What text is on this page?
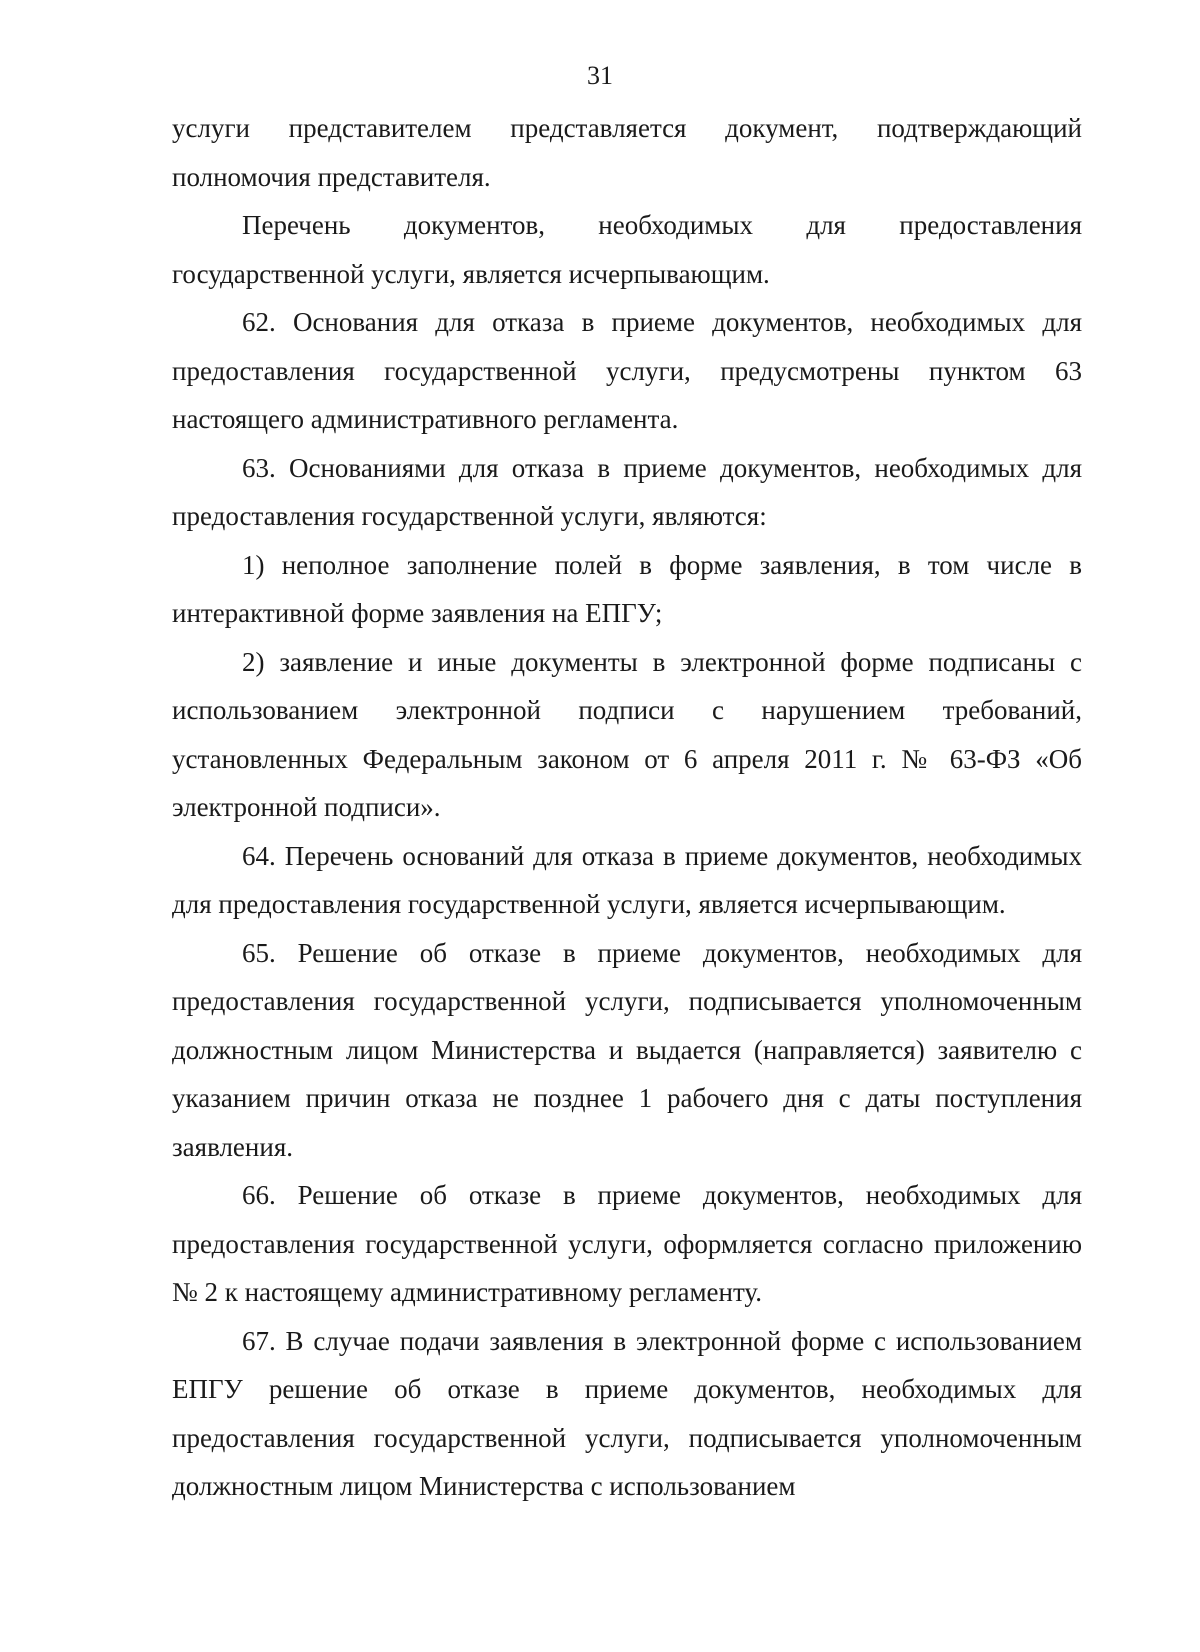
31

услуги представителем представляется документ, подтверждающий полномочия представителя.

Перечень документов, необходимых для предоставления государственной услуги, является исчерпывающим.

62. Основания для отказа в приеме документов, необходимых для предоставления государственной услуги, предусмотрены пунктом 63 настоящего административного регламента.

63. Основаниями для отказа в приеме документов, необходимых для предоставления государственной услуги, являются:

1) неполное заполнение полей в форме заявления, в том числе в интерактивной форме заявления на ЕПГУ;

2) заявление и иные документы в электронной форме подписаны с использованием электронной подписи с нарушением требований, установленных Федеральным законом от 6 апреля 2011 г. № 63-ФЗ «Об электронной подписи».

64. Перечень оснований для отказа в приеме документов, необходимых для предоставления государственной услуги, является исчерпывающим.

65. Решение об отказе в приеме документов, необходимых для предоставления государственной услуги, подписывается уполномоченным должностным лицом Министерства и выдается (направляется) заявителю с указанием причин отказа не позднее 1 рабочего дня с даты поступления заявления.

66. Решение об отказе в приеме документов, необходимых для предоставления государственной услуги, оформляется согласно приложению № 2 к настоящему административному регламенту.

67. В случае подачи заявления в электронной форме с использованием ЕПГУ решение об отказе в приеме документов, необходимых для предоставления государственной услуги, подписывается уполномоченным должностным лицом Министерства с использованием
